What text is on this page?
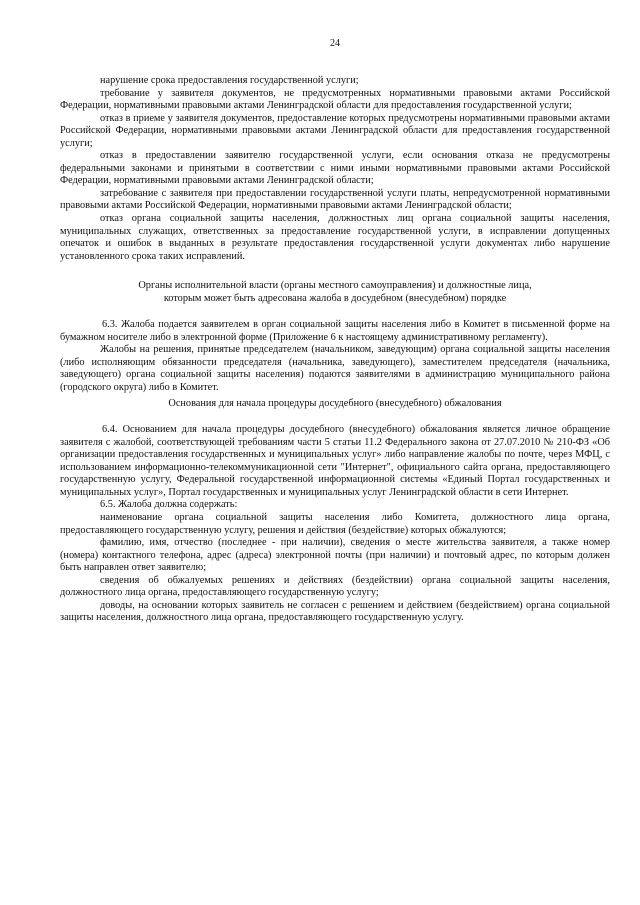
24

нарушение срока предоставления государственной услуги;

требование у заявителя документов, не предусмотренных нормативными правовыми актами Российской Федерации, нормативными правовыми актами Ленинградской области для предоставления государственной услуги;

отказ в приеме у заявителя документов, предоставление которых предусмотрены нормативными правовыми актами Российской Федерации, нормативными правовыми актами Ленинградской области для предоставления государственной услуги;

отказ в предоставлении заявителю государственной услуги, если основания отказа не предусмотрены федеральными законами и принятыми в соответствии с ними иными нормативными правовыми актами Российской Федерации, нормативными правовыми актами Ленинградской области;

затребование с заявителя при предоставлении государственной услуги платы, непредусмотренной нормативными правовыми актами Российской Федерации, нормативными правовыми актами Ленинградской области;

отказ органа социальной защиты населения, должностных лиц органа социальной защиты населения, муниципальных служащих, ответственных за предоставление государственной услуги, в исправлении допущенных опечаток и ошибок в выданных в результате предоставления государственной услуги документах либо нарушение установленного срока таких исправлений.

Органы исполнительной власти (органы местного самоуправления) и должностные лица,

которым может быть адресована жалоба в досудебном (внесудебном) порядке

6.3. Жалоба подается заявителем в орган социальной защиты населения либо в Комитет в письменной форме на бумажном носителе либо в электронной форме (Приложение 6 к настоящему административному регламенту).

Жалобы на решения, принятые председателем (начальником, заведующим) органа социальной защиты населения (либо исполняющим обязанности председателя (начальника, заведующего), заместителем председателя (начальника, заведующего) органа социальной защиты населения) подаются заявителями в администрацию муниципального района (городского округа) либо в Комитет.

Основания для начала процедуры досудебного (внесудебного) обжалования

6.4. Основанием для начала процедуры досудебного (внесудебного) обжалования является личное обращение заявителя с жалобой, соответствующей требованиям части 5 статьи 11.2 Федерального закона от 27.07.2010 № 210-ФЗ «Об организации предоставления государственных и муниципальных услуг» либо направление жалобы по почте, через МФЦ, с использованием информационно-телекоммуникационной сети "Интернет", официального сайта органа, предоставляющего государственную услугу, Федеральной государственной информационной системы «Единый Портал государственных и муниципальных услуг», Портал государственных и муниципальных услуг Ленинградской области в сети Интернет.

6.5. Жалоба должна содержать:

наименование органа социальной защиты населения либо Комитета, должностного лица органа, предоставляющего государственную услугу, решения и действия (бездействие) которых обжалуются;

фамилию, имя, отчество (последнее - при наличии), сведения о месте жительства заявителя, а также номер (номера) контактного телефона, адрес (адреса) электронной почты (при наличии) и почтовый адрес, по которым должен быть направлен ответ заявителю;

сведения об обжалуемых решениях и действиях (бездействии) органа социальной защиты населения, должностного лица органа, предоставляющего государственную услугу;

доводы, на основании которых заявитель не согласен с решением и действием (бездействием) органа социальной защиты населения, должностного лица органа, предоставляющего государственную услугу.
